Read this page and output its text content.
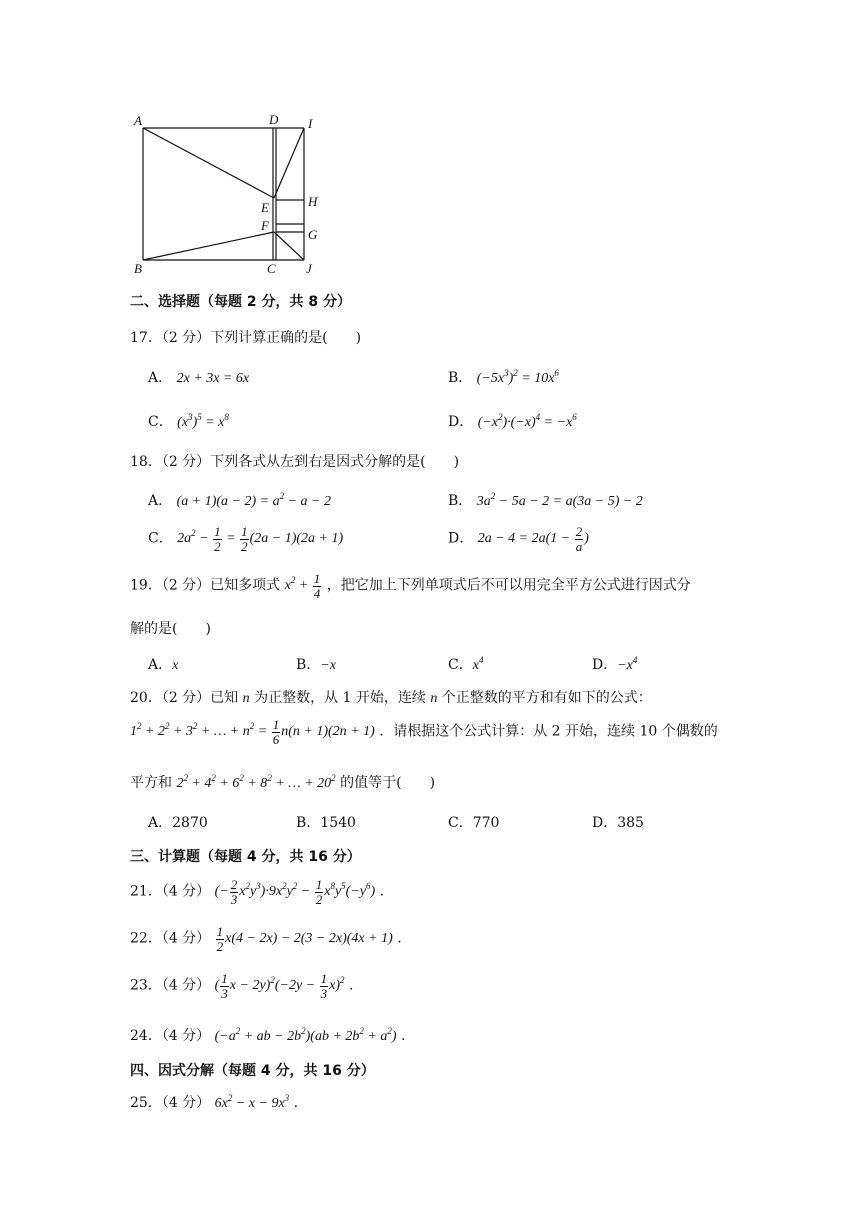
A	D I
E	H
F
G
B	C J
二、选择题（每题 2 分，共 8 分）
17．（2 分）下列计算正确的是(　　)
A． 2x + 3x = 6x	B． $(-5x^3)^2 = 10x^6$
C． $(x^3)^5 = x^8$	D． $(-x^2)\cdot(-x)^4 = -x^6$
18．（2 分）下列各式从左到右是因式分解的是(　　)
A． $(a + 1)(a - 2) = a^2 - a - 2$	B． $3a^2 - 5a - 2 = a(3a - 5) - 2$
C． $2a^2 - \frac{1}{2} = \frac{1}{2} (2a - 1)(2a + 1)$	D． $2a - 4 = 2a(1 - \frac{2}{a}$ )
19．（2 分）已知多项式 $x^2 + \frac{1}{4}$ ，把它加上下列单项式后不可以用完全平方公式进行因式分
解的是(　　)
A．x	B．−x	C．$x^4$	D．$-x^4$
20．（2 分）已知 n 为正整数，从 1 开始，连续 n 个正整数的平方和有如下的公式：
$1^2 + 2^2 + 3^2$ + … + $n^2 = \frac{1}{6} n(n + 1)(2n + 1)$ ．请根据这个公式计算：从 2 开始，连续 10 个偶数的
平方和 $2^2 + 4^2 + 6^2 + 8^2$ + … + $20^2$ 的值等于(　　)
A．2870	B．1540	C．770	D．385
三、计算题（每题 4 分，共 16 分）
21．（4 分） (− $\frac{2}{3} x^2y^3)\cdot 9x^2y^2 - \frac{1}{2} x^8y^5(-y^6)$ .
22．（4 分） $\frac{1}{2} x(4 - 2x) - 2(3 - 2x)(4x + 1)$ .
23．（4 分） ( $\frac{1}{3}$ $x - 2y)^2(-2y - \frac{1}{3} x)^2$ .
24．（4 分） ($-a^2$ + ab − $2b^2)(ab + 2b^2 + a^2)$ .
四、因式分解（每题 4 分，共 16 分）
25．（4 分） $6x^2 - x - 9x^3$ .
